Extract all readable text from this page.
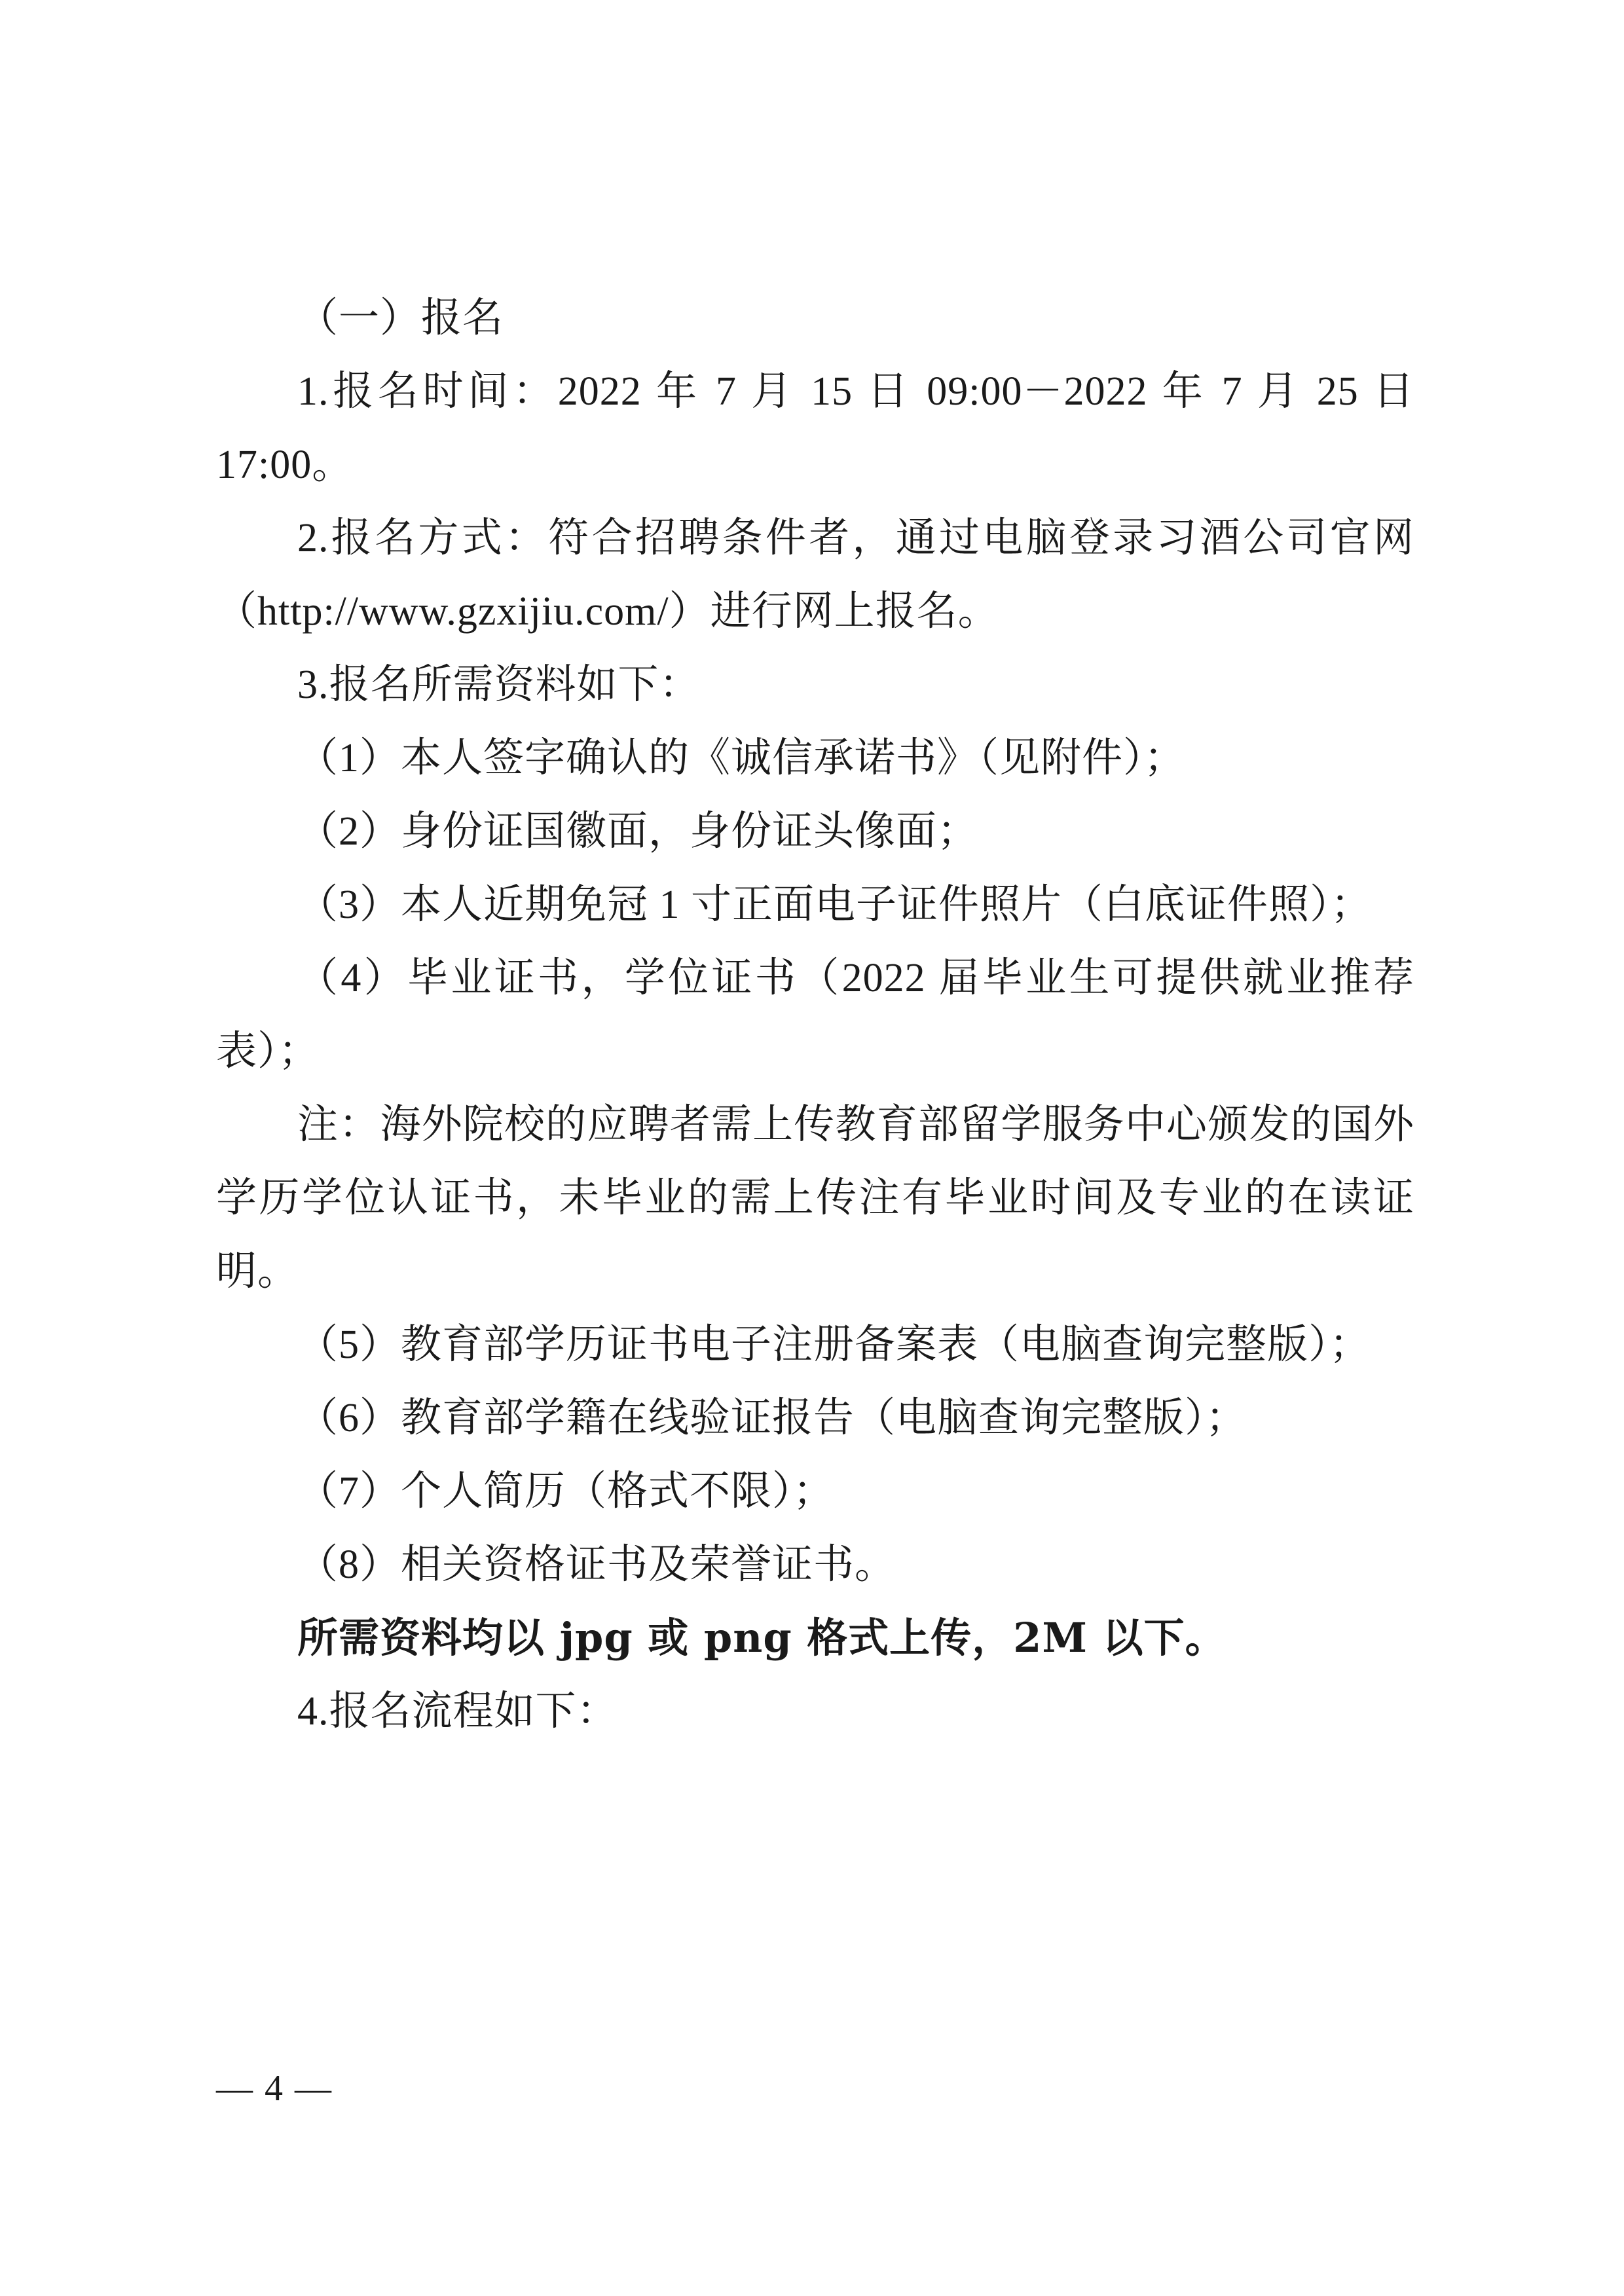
（一）报名

1.报名时间：2022 年 7 月 15 日 09:00－2022 年 7 月 25 日 17:00。

2.报名方式：符合招聘条件者，通过电脑登录习酒公司官网（http://www.gzxijiu.com/）进行网上报名。

3.报名所需资料如下：

（1）本人签字确认的《诚信承诺书》（见附件）；

（2）身份证国徽面，身份证头像面；

（3）本人近期免冠 1 寸正面电子证件照片（白底证件照）；

（4）毕业证书，学位证书（2022 届毕业生可提供就业推荐表）；

注：海外院校的应聘者需上传教育部留学服务中心颁发的国外学历学位认证书，未毕业的需上传注有毕业时间及专业的在读证明。

（5）教育部学历证书电子注册备案表（电脑查询完整版）；

（6）教育部学籍在线验证报告（电脑查询完整版）；

（7）个人简历（格式不限）；

（8）相关资格证书及荣誉证书。

所需资料均以 jpg 或 png 格式上传，2M 以下。

4.报名流程如下：

— 4 —
